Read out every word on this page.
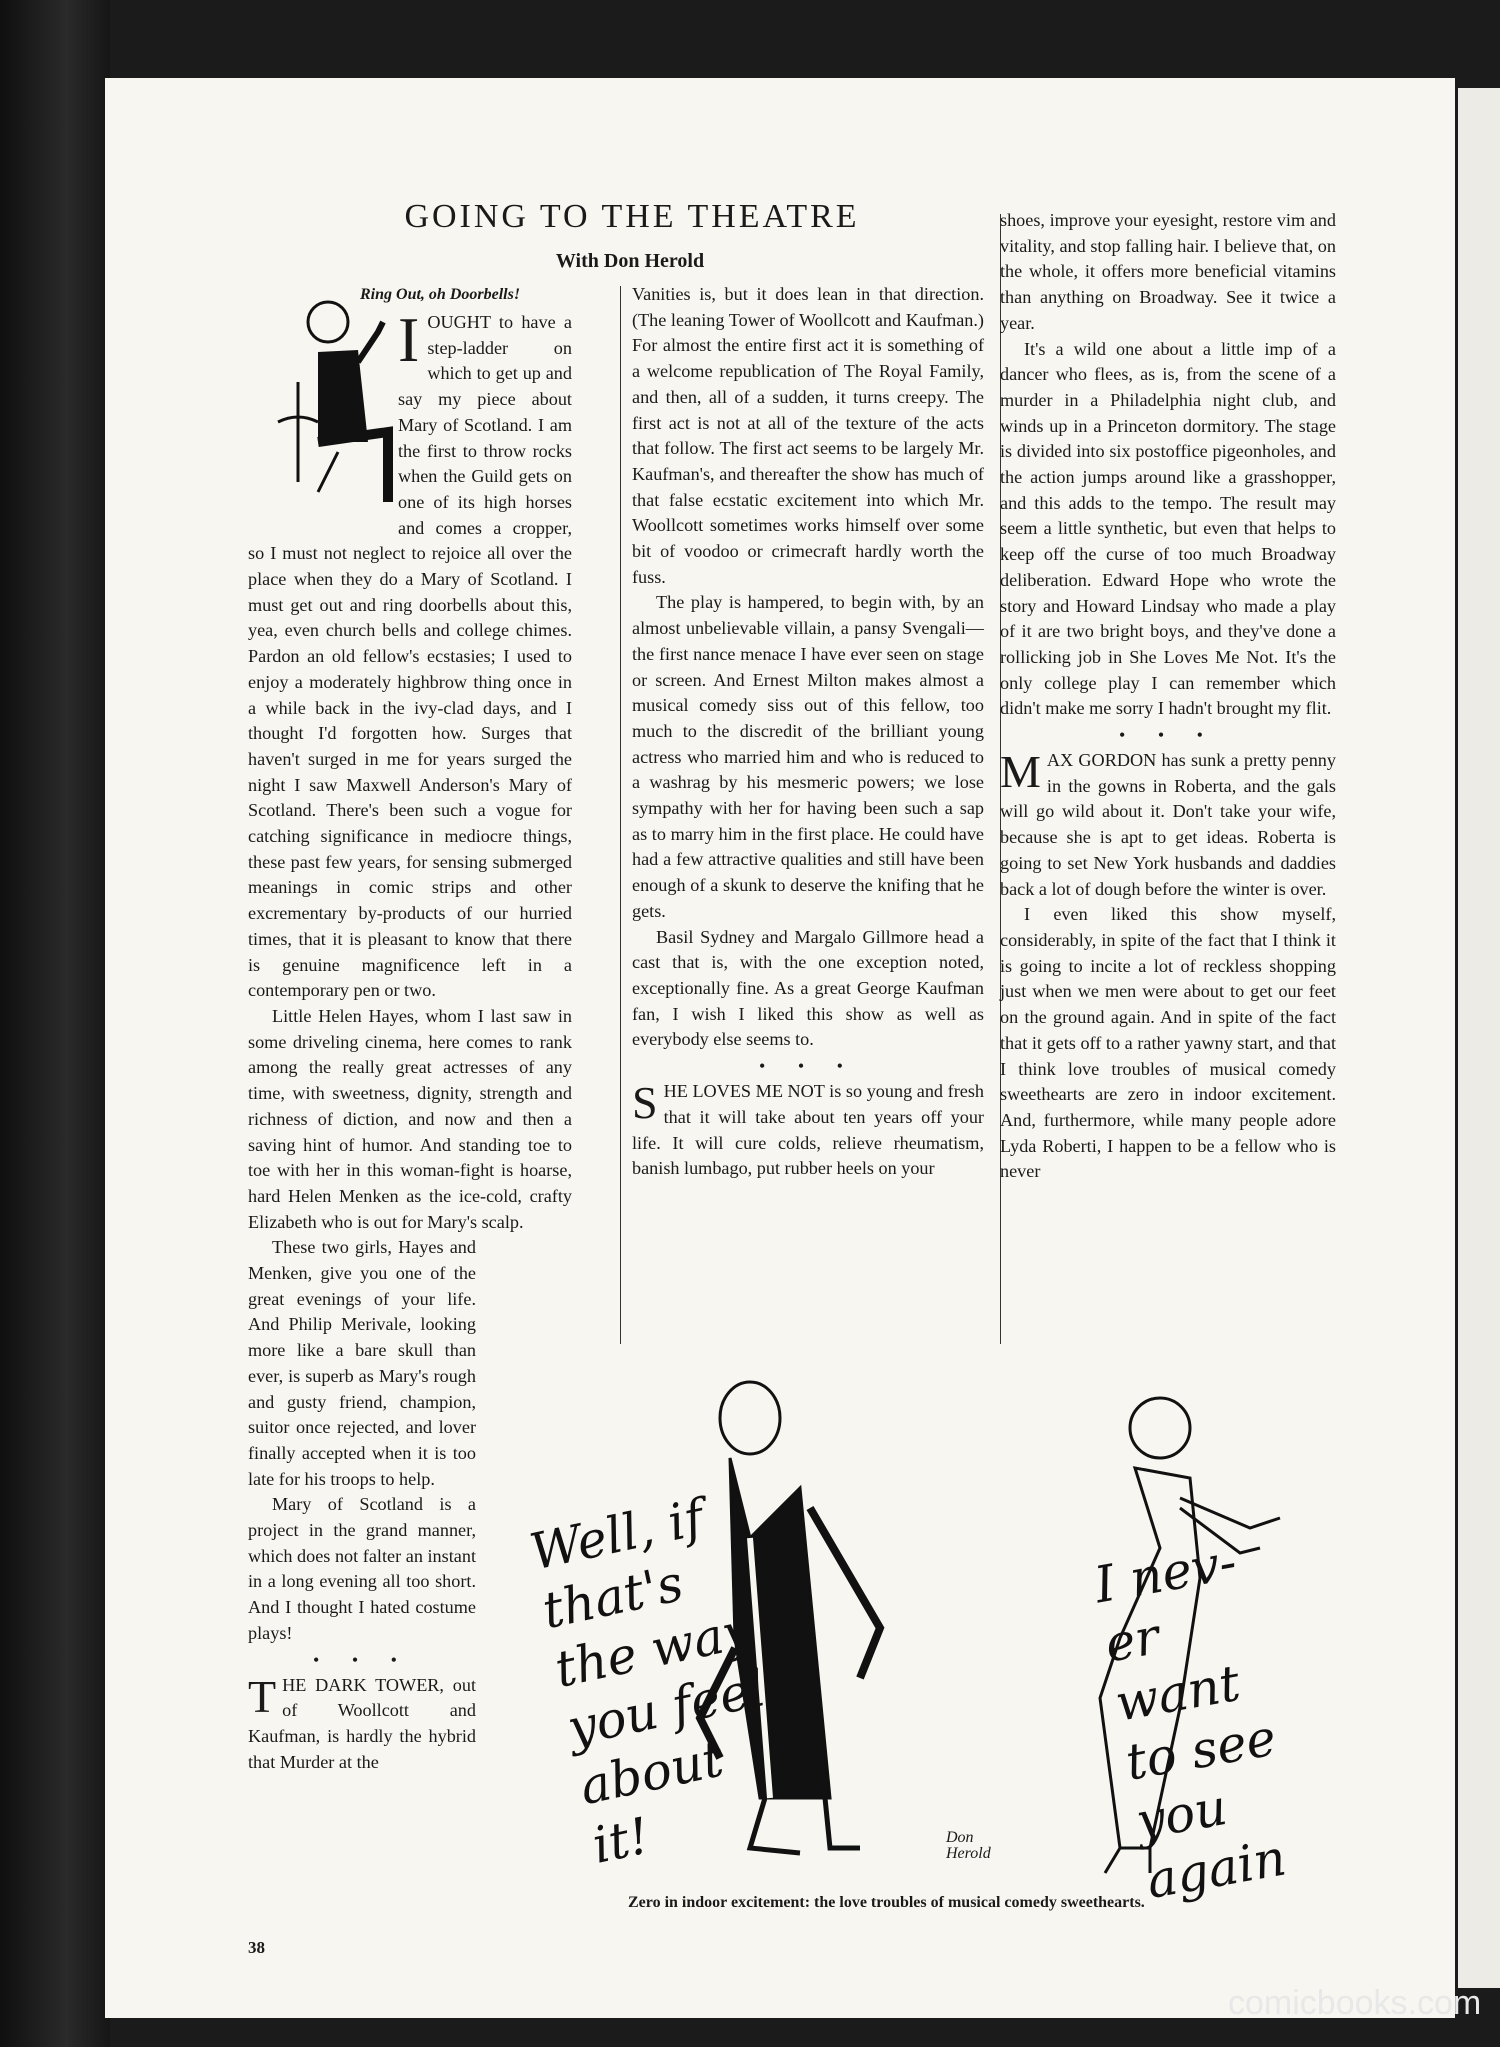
GOING TO THE THEATRE
With Don Herold
Ring Out, oh Doorbells!
I OUGHT to have a step-ladder on which to get up and say my piece about Mary of Scotland. I am the first to throw rocks when the Guild gets on one of its high horses and comes a cropper, so I must not neglect to rejoice all over the place when they do a Mary of Scotland. I must get out and ring doorbells about this, yea, even church bells and college chimes. Pardon an old fellow's ecstasies; I used to enjoy a moderately highbrow thing once in a while back in the ivy-clad days, and I thought I'd forgotten how. Surges that haven't surged in me for years surged the night I saw Maxwell Anderson's Mary of Scotland. There's been such a vogue for catching significance in mediocre things, these past few years, for sensing submerged meanings in comic strips and other excrementary by-products of our hurried times, that it is pleasant to know that there is genuine magnificence left in a contemporary pen or two.

Little Helen Hayes, whom I last saw in some driveling cinema, here comes to rank among the really great actresses of any time, with sweetness, dignity, strength and richness of diction, and now and then a saving hint of humor. And standing toe to toe with her in this woman-fight is hoarse, hard Helen Menken as the ice-cold, crafty Elizabeth who is out for Mary's scalp.

These two girls, Hayes and Menken, give you one of the great evenings of your life. And Philip Merivale, looking more like a bare skull than ever, is superb as Mary's rough and gusty friend, champion, suitor once rejected, and lover finally accepted when it is too late for his troops to help.

Mary of Scotland is a project in the grand manner, which does not falter an instant in a long evening all too short. And I thought I hated costume plays!

• • •
T HE DARK TOWER, out of Woollcott and Kaufman, is hardly the hybrid that Murder at the

Vanities is, but it does lean in that direction. (The leaning Tower of Woollcott and Kaufman.) For almost the entire first act it is something of a welcome republication of The Royal Family, and then, all of a sudden, it turns creepy. The first act is not at all of the texture of the acts that follow. The first act seems to be largely Mr. Kaufman's, and thereafter the show has much of that false ecstatic excitement into which Mr. Woollcott sometimes works himself over some bit of voodoo or crimecraft hardly worth the fuss.

The play is hampered, to begin with, by an almost unbelievable villain, a pansy Svengali—the first nance menace I have ever seen on stage or screen. And Ernest Milton makes almost a musical comedy siss out of this fellow, too much to the discredit of the brilliant young actress who married him and who is reduced to a washrag by his mesmeric powers; we lose sympathy with her for having been such a sap as to marry him in the first place. He could have had a few attractive qualities and still have been enough of a skunk to deserve the knifing that he gets.

Basil Sydney and Margalo Gillmore head a cast that is, with the one exception noted, exceptionally fine. As a great George Kaufman fan, I wish I liked this show as well as everybody else seems to.

• • •
S HE LOVES ME NOT is so young and fresh that it will take about ten years off your life. It will cure colds, relieve rheumatism, banish lumbago, put rubber heels on your

shoes, improve your eyesight, restore vim and vitality, and stop falling hair. I believe that, on the whole, it offers more beneficial vitamins than anything on Broadway. See it twice a year.

It's a wild one about a little imp of a dancer who flees, as is, from the scene of a murder in a Philadelphia night club, and winds up in a Princeton dormitory. The stage is divided into six postoffice pigeonholes, and the action jumps around like a grasshopper, and this adds to the tempo. The result may seem a little synthetic, but even that helps to keep off the curse of too much Broadway deliberation. Edward Hope who wrote the story and Howard Lindsay who made a play of it are two bright boys, and they've done a rollicking job in She Loves Me Not. It's the only college play I can remember which didn't make me sorry I hadn't brought my flit.

• • •
M AX GORDON has sunk a pretty penny in the gowns in Roberta, and the gals will go wild about it. Don't take your wife, because she is apt to get ideas. Roberta is going to set New York husbands and daddies back a lot of dough before the winter is over.

I even liked this show myself, considerably, in spite of the fact that I think it is going to incite a lot of reckless shopping just when we men were about to get our feet on the ground again. And in spite of the fact that it gets off to a rather yawny start, and that I think love troubles of musical comedy sweethearts are zero in indoor excitement. And, furthermore, while many people adore Lyda Roberti, I happen to be a fellow who is never

Well, if that's the way you feel about it!
I nev-er want to see you again
Don Herold
Zero in indoor excitement: the love troubles of musical comedy sweethearts.
38
comicbooks.com
